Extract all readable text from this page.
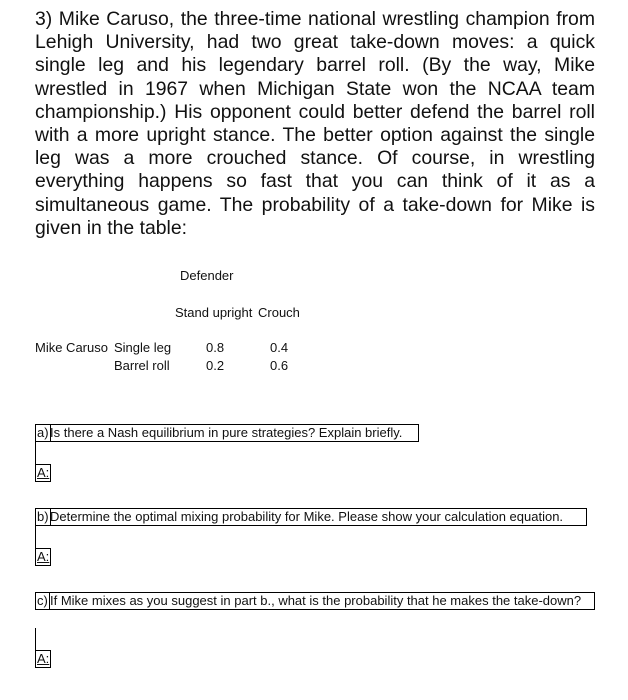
3) Mike Caruso, the three-time national wrestling champion from Lehigh University, had two great take-down moves: a quick single leg and his legendary barrel roll. (By the way, Mike wrestled in 1967 when Michigan State won the NCAA team championship.) His opponent could better defend the barrel roll with a more upright stance. The better option against the single leg was a more crouched stance. Of course, in wrestling everything happens so fast that you can think of it as a simultaneous game. The probability of a take-down for Mike is given in the table:

Defender
Stand upright Crouch
Mike Caruso Single leg	0.8	0.4
Barrel roll	0.2	0.6
a) Is there a Nash equilibrium in pure strategies? Explain briefly.
A:
b) Determine the optimal mixing probability for Mike. Please show your calculation equation.
A:
c) If Mike mixes as you suggest in part b., what is the probability that he makes the take-down?
A:
